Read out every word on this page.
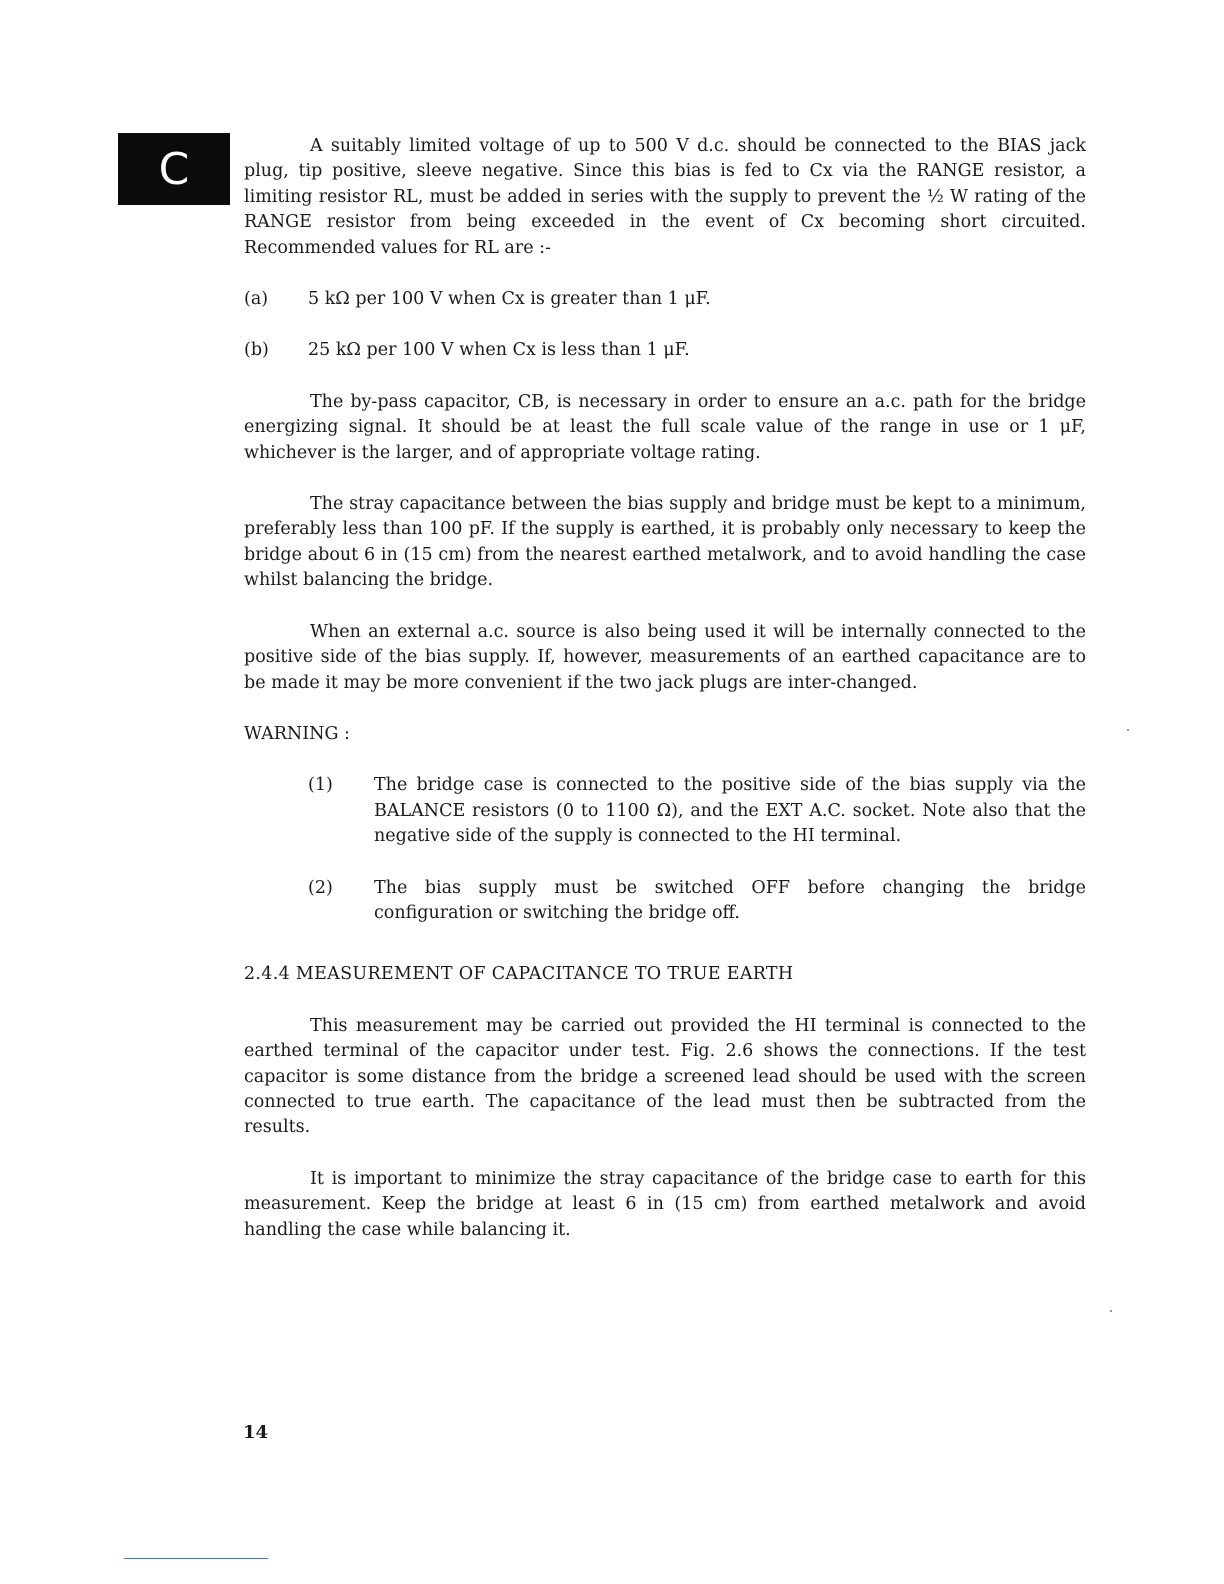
C	A suitably limited voltage of up to 500 V d.c. should be connected to the BIAS jack plug, tip positive, sleeve negative. Since this bias is fed to Cx via the RANGE resistor, a limiting resistor RL, must be added in series with the supply to prevent the ½ W rating of the RANGE resistor from being exceeded in the event of Cx becoming short circuited. Recommended values for RL are :-

(a)	5 kΩ per 100 V when Cx is greater than 1 μF.
(b)	25 kΩ per 100 V when Cx is less than 1 μF.

The by-pass capacitor, CB, is necessary in order to ensure an a.c. path for the bridge energizing signal. It should be at least the full scale value of the range in use or 1 μF, whichever is the larger, and of appropriate voltage rating.

The stray capacitance between the bias supply and bridge must be kept to a minimum, preferably less than 100 pF. If the supply is earthed, it is probably only necessary to keep the bridge about 6 in (15 cm) from the nearest earthed metalwork, and to avoid handling the case whilst balancing the bridge.

When an external a.c. source is also being used it will be internally connected to the positive side of the bias supply. If, however, measurements of an earthed capacitance are to be made it may be more convenient if the two jack plugs are inter-changed.

WARNING :

(1)	The bridge case is connected to the positive side of the bias supply via the BALANCE resistors (0 to 1100 Ω), and the EXT A.C. socket. Note also that the negative side of the supply is connected to the HI terminal.
(2)	The bias supply must be switched OFF before changing the bridge configuration or switching the bridge off.

2.4.4 MEASUREMENT OF CAPACITANCE TO TRUE EARTH

This measurement may be carried out provided the HI terminal is connected to the earthed terminal of the capacitor under test. Fig. 2.6 shows the connections. If the test capacitor is some distance from the bridge a screened lead should be used with the screen connected to true earth. The capacitance of the lead must then be subtracted from the results.

It is important to minimize the stray capacitance of the bridge case to earth for this measurement. Keep the bridge at least 6 in (15 cm) from earthed metalwork and avoid handling the case while balancing it.

14
